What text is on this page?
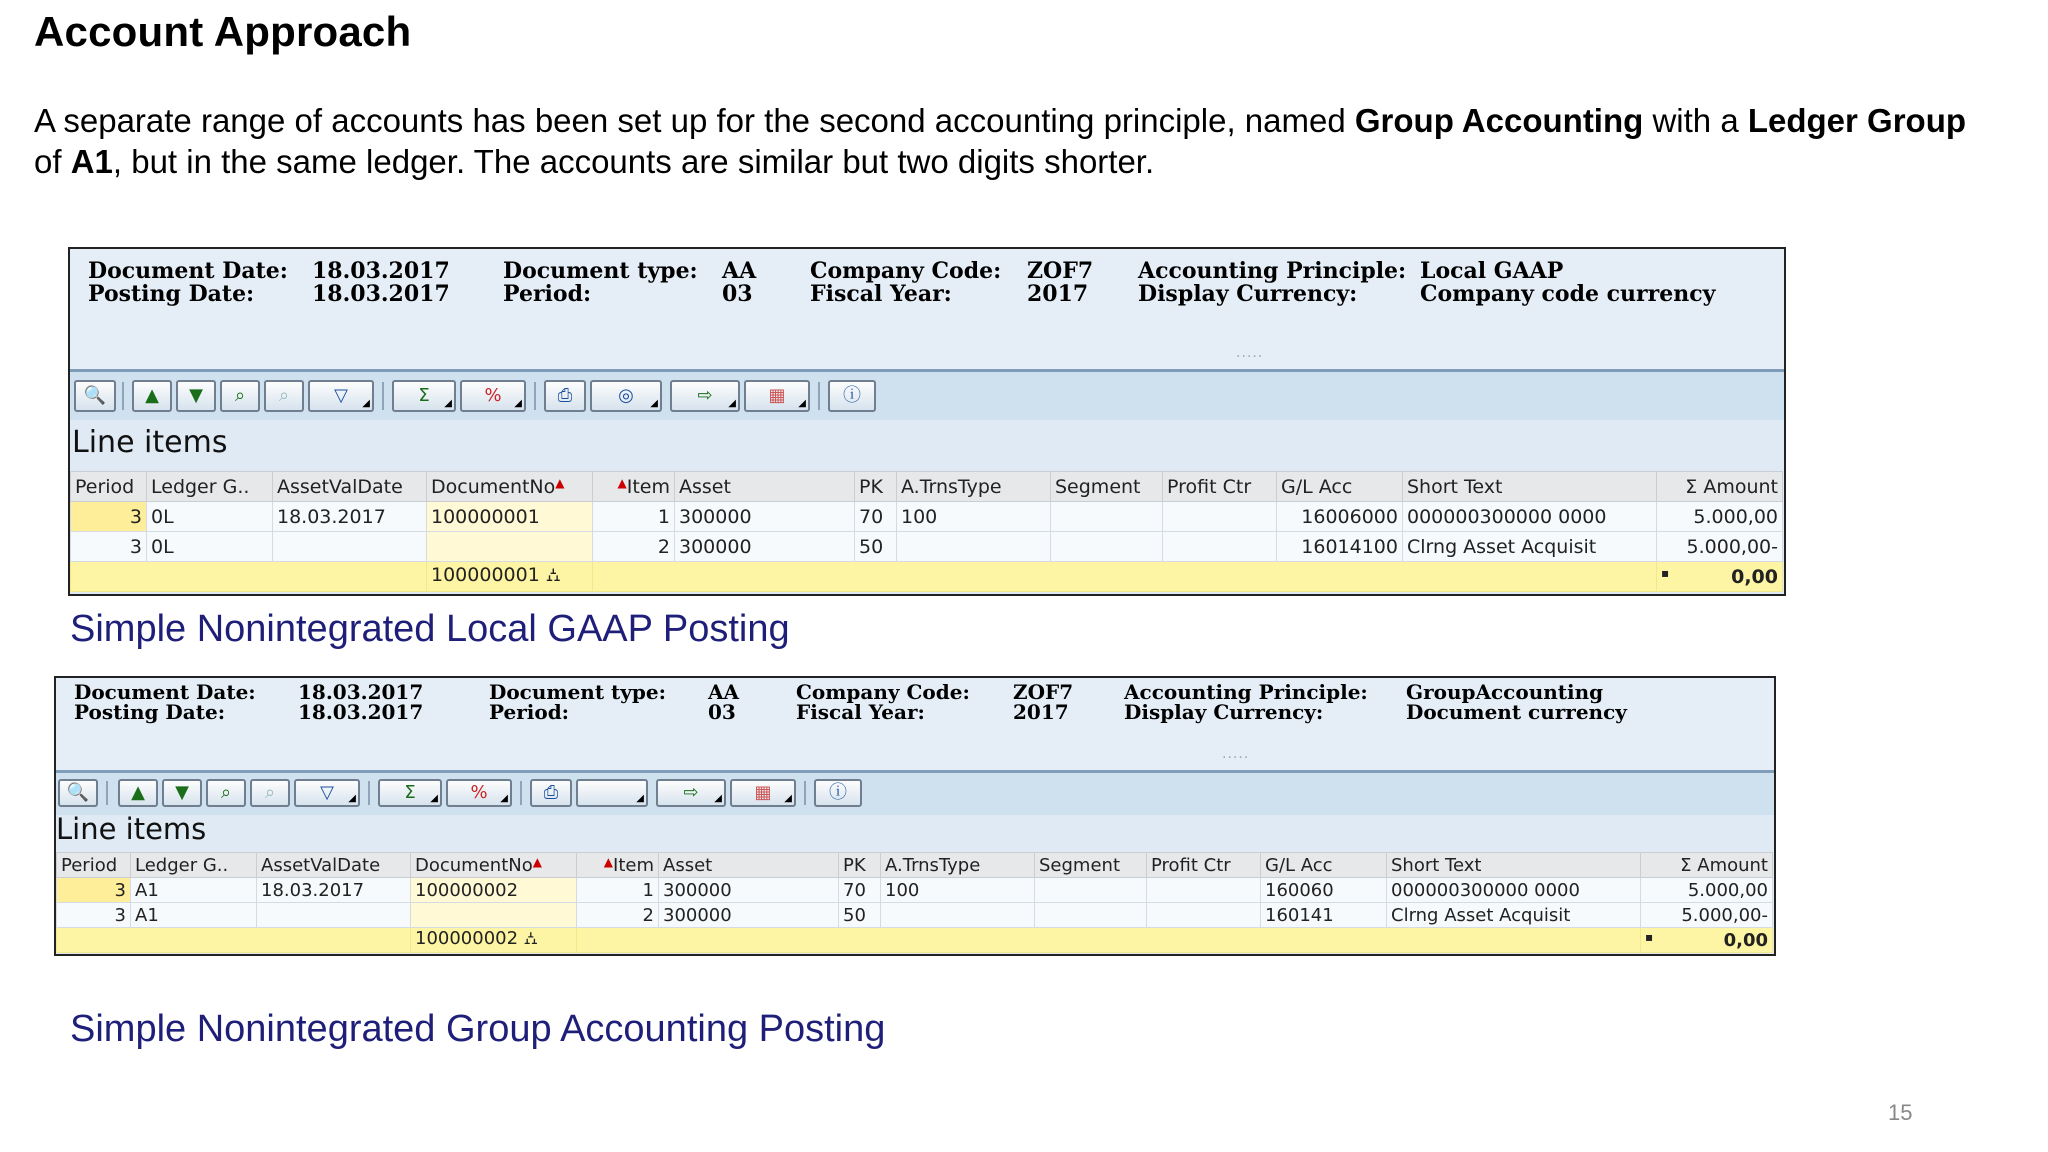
Account Approach
A separate range of accounts has been set up for the second accounting principle, named Group Accounting with a Ledger Group of A1, but in the same ledger. The accounts are similar but two digits shorter.
Document Date: 18.03.2017
Posting Date:	18.03.2017
Document type: AA
Period:	03
Company Code: ZOF7
Fiscal Year:	2017
Accounting Principle: Local GAAP
Display Currency:	Company code currency
·····
🔍	▲	▼	⌕	⌕	▽ ◢	Σ ◢	% ◢	⎙	◎ ◢	⇨ ◢	▦ ◢	ⓘ
Line items
Period	Ledger G..	AssetValDate	DocumentNo▲	▲Item	Asset	PK	A.TrnsType	Segment	Profit Ctr	G/L Acc	Short Text	Σ Amount
3	0L	18.03.2017	100000001	1	300000	70	100			16006000	000000300000 0000	5.000,00
3	0L			2	300000	50				16014100	Clrng Asset Acquisit	5.000,00-
			100000001 ⛼									▪ 0,00
Simple Nonintegrated Local GAAP Posting
Document Date: 18.03.2017
Posting Date:	18.03.2017
Document type: AA
Period:	03
Company Code: ZOF7
Fiscal Year:	2017
Accounting Principle: GroupAccounting
Display Currency:	Document currency
·····
🔍	▲	▼	⌕	⌕	▽ ◢	Σ ◢	% ◢	⎙	◢	⇨ ◢	▦ ◢	ⓘ
Line items
Period	Ledger G..	AssetValDate	DocumentNo▲	▲Item	Asset	PK	A.TrnsType	Segment	Profit Ctr	G/L Acc	Short Text	Σ Amount
3	A1	18.03.2017	100000002	1	300000	70	100			160060	000000300000 0000	5.000,00
3	A1			2	300000	50				160141	Clrng Asset Acquisit	5.000,00-
			100000002 ⛼									▪ 0,00
Simple Nonintegrated Group Accounting Posting
15
